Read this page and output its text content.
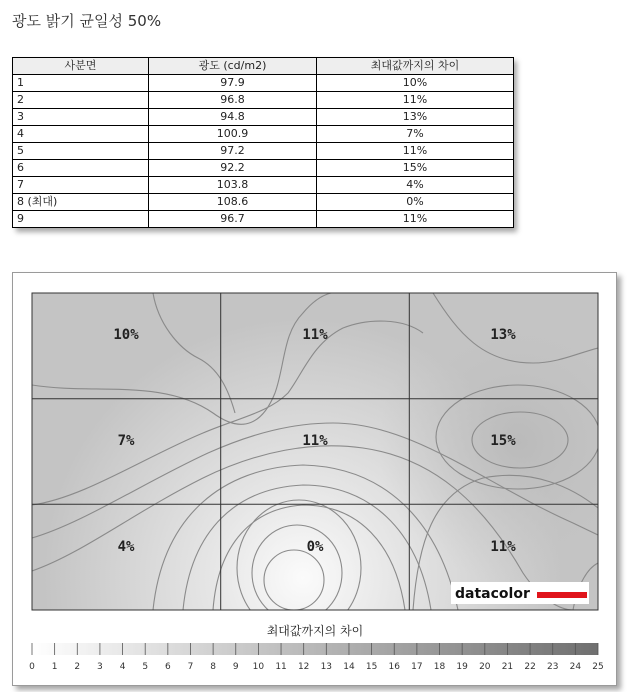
광도 밝기 균일성 50%
사분면	광도 (cd/m2)	최대값까지의 차이
1	97.9	10%
2	96.8	11%
3	94.8	13%
4	100.9	7%
5	97.2	11%
6	92.2	15%
7	103.8	4%
8 (최대)	108.6	0%
9	96.7	11%
10%	11%	13%
7%	11%	15%
4%	0%	11%
datacolor
최대값까지의 차이
0 1 2 3 4 5 6 7 8 9 10 11 12 13 14 15 16 17 18 19 20 21 22 23 24 25
